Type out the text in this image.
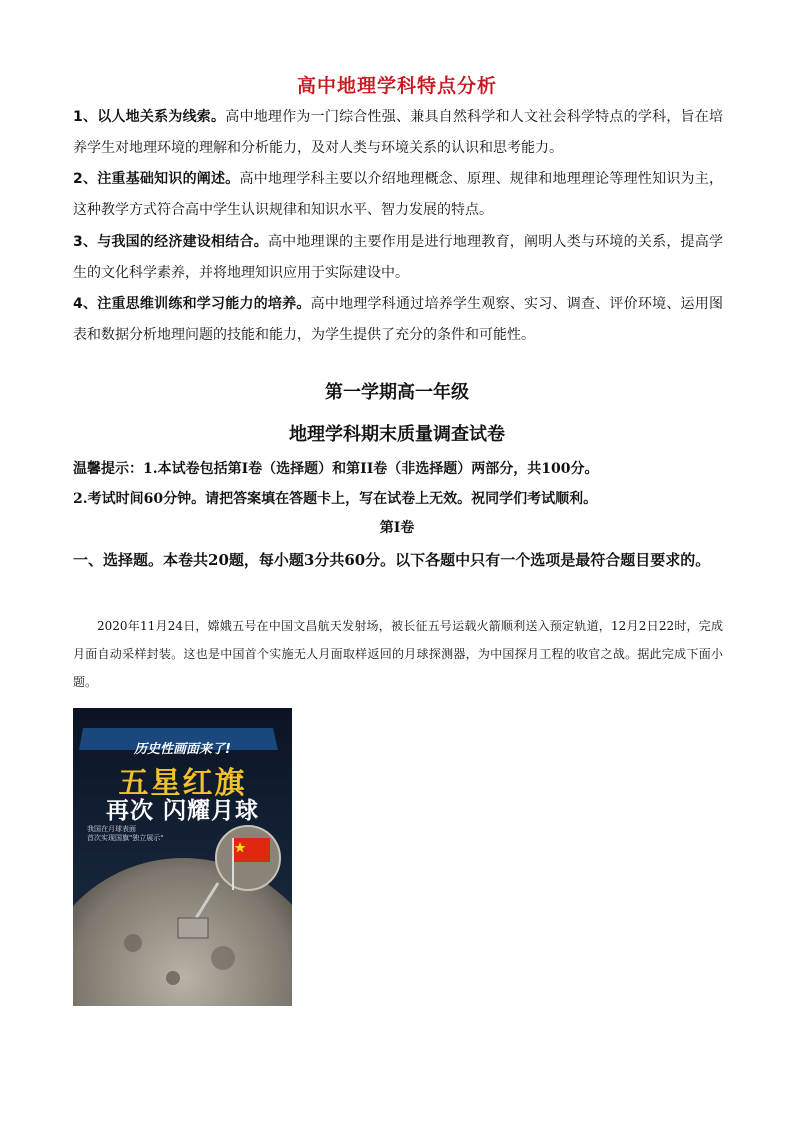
高中地理学科特点分析
1、以人地关系为线索。高中地理作为一门综合性强、兼具自然科学和人文社会科学特点的学科，旨在培养学生对地理环境的理解和分析能力，及对人类与环境关系的认识和思考能力。
2、注重基础知识的阐述。高中地理学科主要以介绍地理概念、原理、规律和地理理论等理性知识为主，这种教学方式符合高中学生认识规律和知识水平、智力发展的特点。
3、与我国的经济建设相结合。高中地理课的主要作用是进行地理教育，阐明人类与环境的关系，提高学生的文化科学素养，并将地理知识应用于实际建设中。
4、注重思维训练和学习能力的培养。高中地理学科通过培养学生观察、实习、调查、评价环境、运用图表和数据分析地理问题的技能和能力，为学生提供了充分的条件和可能性。
第一学期高一年级
地理学科期末质量调查试卷
温馨提示：1.本试卷包括第I卷（选择题）和第II卷（非选择题）两部分，共100分。
2.考试时间60分钟。请把答案填在答题卡上，写在试卷上无效。祝同学们考试顺利。
第I卷
一、选择题。本卷共20题，每小题3分共60分。以下各题中只有一个选项是最符合题目要求的。
2020年11月24日，嫦娥五号在中国文昌航天发射场，被长征五号运载火箭顺利送入预定轨道，12月2日22时，完成月面自动采样封装。这也是中国首个实施无人月面取样返回的月球探测器，为中国探月工程的收官之战。据此完成下面小题。
历史性画面来了!
五星红旗
再次 闪耀月球
我国在月球表面
首次实现国旗"独立展示"
